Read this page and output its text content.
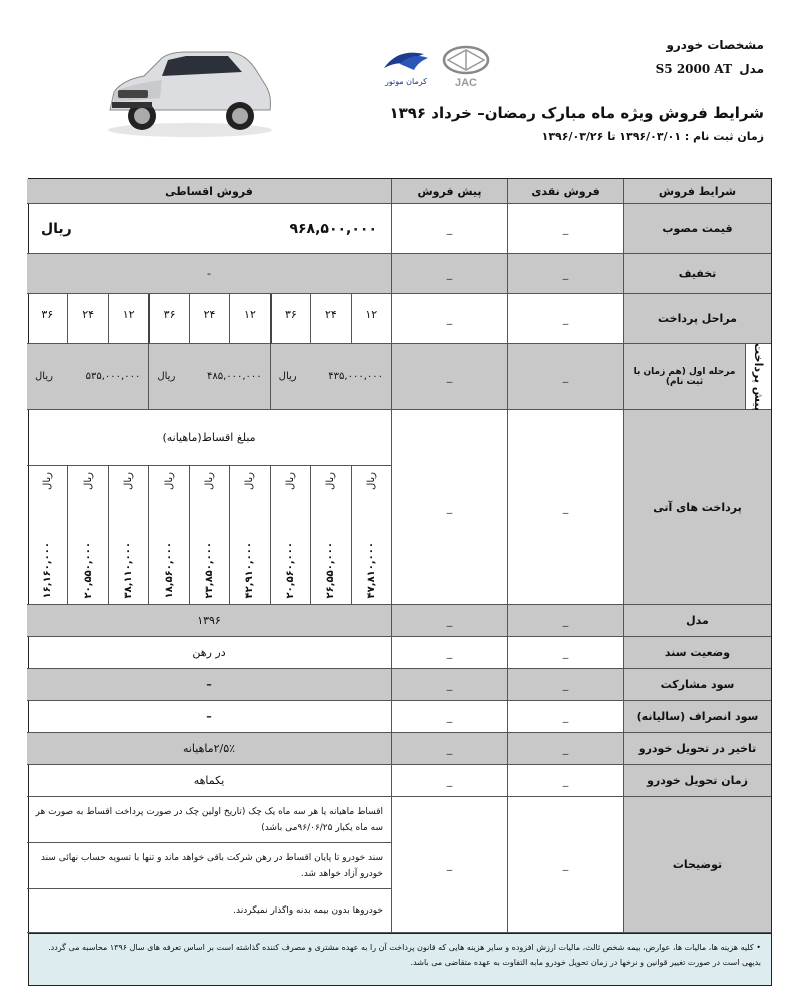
مشخصات خودرو
مدل
S5 2000 AT
شرایط فروش ویژه ماه مبارک رمضان– خرداد ۱۳۹۶
زمان ثبت نام : ۱۳۹۶/۰۳/۰۱ تا ۱۳۹۶/۰۳/۲۶
JAC
کرمان موتور
شرایط فروش
فروش نقدی
پیش فروش
فروش اقساطی
قیمت مصوب
_
_
۹۶۸,۵۰۰,۰۰۰
ریال
تخفیف
_
_
-
مراحل پرداخت
_
_
۱۲
۲۴
۳۶
۱۲
۲۴
۳۶
۱۲
۲۴
۳۶
مرحله اول (هم زمان با ثبت نام)	پیش پرداخت
_
_
۴۳۵,۰۰۰,۰۰۰
ریال
۴۸۵,۰۰۰,۰۰۰
ریال
۵۳۵,۰۰۰,۰۰۰
ریال
پرداخت های آتی
_
_
مبلغ اقساط(ماهیانه)
ریال
۴۷,۸۱۰,۰۰۰
ریال
۲۶,۵۵۰,۰۰۰
ریال
۲۰,۵۶۰,۰۰۰
ریال
۴۲,۹۱۰,۰۰۰
ریال
۲۳,۸۵۰,۰۰۰
ریال
۱۸,۵۶۰,۰۰۰
ریال
۳۸,۱۱۰,۰۰۰
ریال
۲۰,۵۵۰,۰۰۰
ریال
۱۶,۱۶۰,۰۰۰
مدل
_
_
۱۳۹۶
وضعیت سند
_
_
در رهن
سود مشارکت
_
_
–
سود انصراف (سالیانه)
_
_
–
تاخیر در تحویل خودرو
_
_
۲/۵٪ماهیانه
زمان تحویل خودرو
_
_
یکماهه
توضیحات
_
_
اقساط ماهیانه یا هر سه ماه یک چک (تاریخ اولین چک در صورت پرداخت اقساط به صورت هر سه ماه یکبار ۹۶/۰۶/۲۵می باشد)
سند خودرو تا پایان اقساط در رهن شرکت باقی خواهد ماند و تنها با تسویه حساب نهائی سند خودرو آزاد خواهد شد.
خودروها بدون بیمه بدنه واگذار نمیگردند.
• کلیه هزینه ها، مالیات ها، عوارض، بیمه شخص ثالث، مالیات ارزش افزوده و سایر هزینه هایی که قانون پرداخت آن را به عهده مشتری و مصرف کننده گذاشته است بر اساس تعرفه های سال ۱۳۹۶ محاسبه می گردد. بدیهی است در صورت تغییر قوانین و نرخها در زمان تحویل خودرو مابه التفاوت به عهده متقاضی می باشد.
